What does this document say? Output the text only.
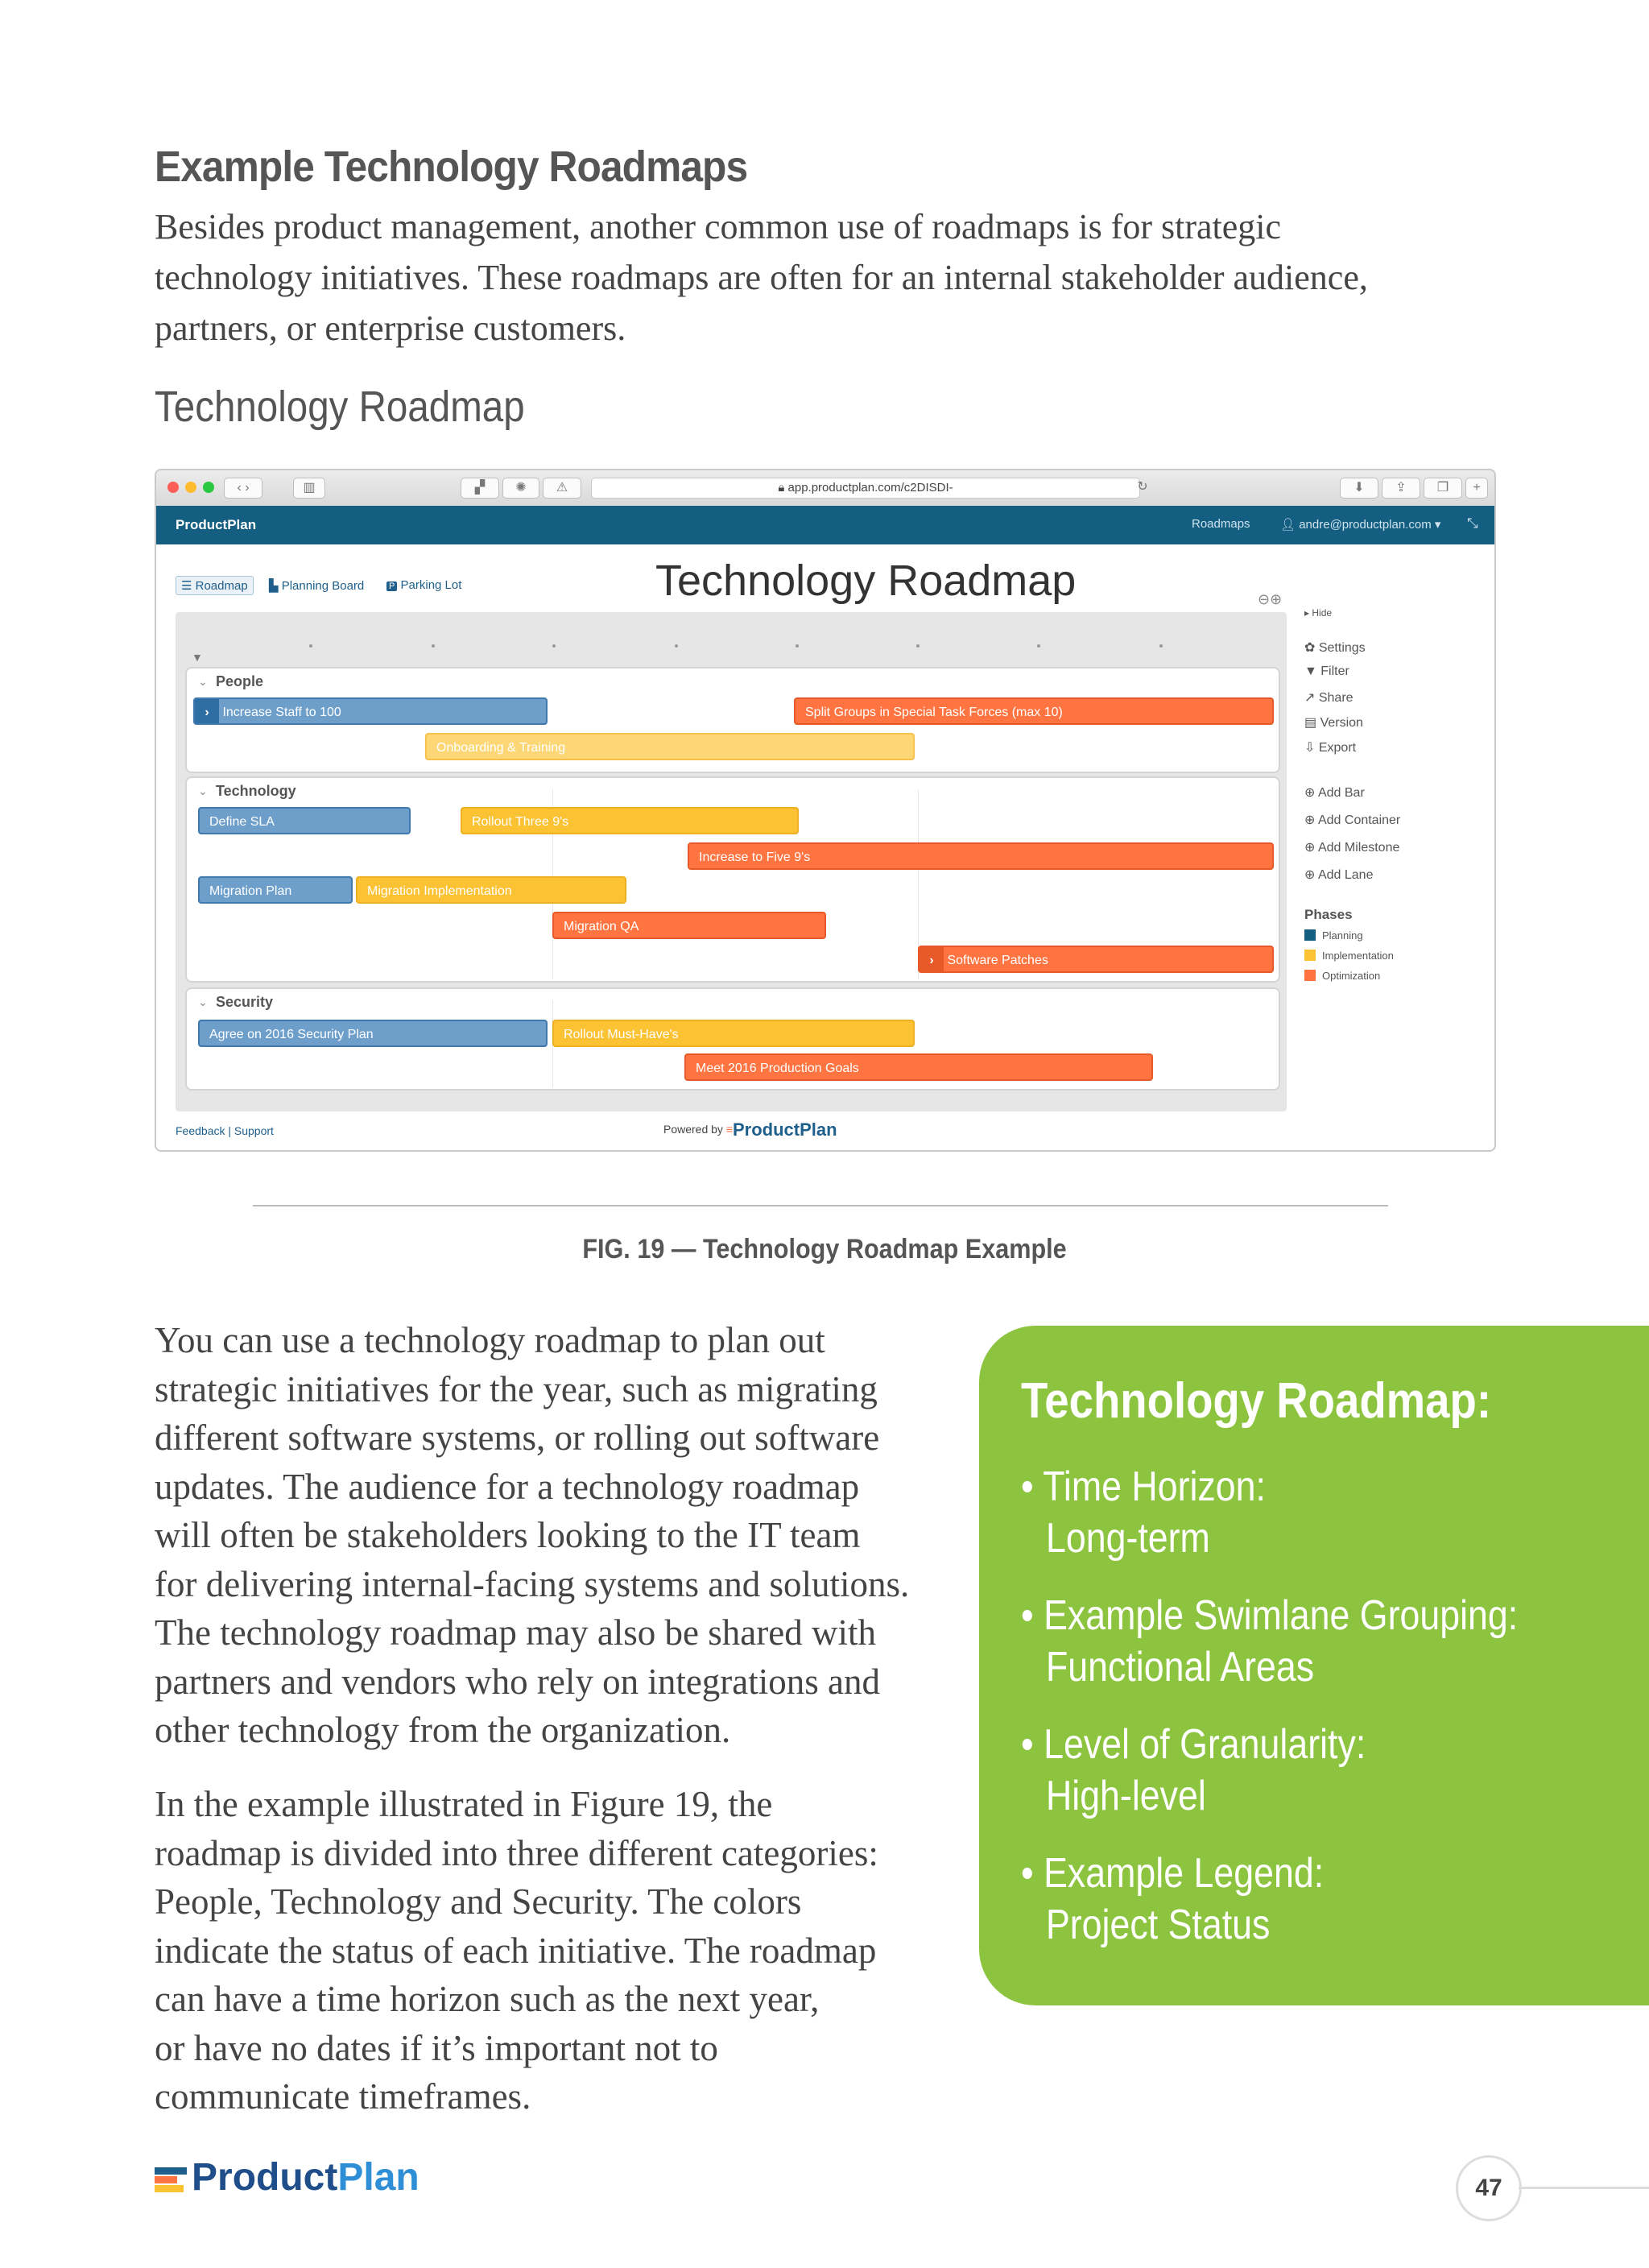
Example Technology Roadmaps
Besides product management, another common use of roadmaps is for strategic
technology initiatives. These roadmaps are often for an internal stakeholder audience,
partners, or enterprise customers.
Technology Roadmap
‹ ›	▥	▞	✺	⚠	🔒︎ app.productplan.com/c2DISDI-	↻	⬇	⇪	❐	+
ProductPlan	Roadmaps 👤︎ andre@productplan.com ▾ ⤡
☰ Roadmap	▙ Planning Board	P Parking Lot	Technology Roadmap	⊖⊕
▼
⌄ People
› Increase Staff to 100	Split Groups in Special Task Forces (max 10)
Onboarding & Training
⌄ Technology
Define SLA	Rollout Three 9's
Increase to Five 9's
Migration Plan	Migration Implementation
Migration QA
› Software Patches
⌄ Security
Agree on 2016 Security Plan	Rollout Must-Have's
Meet 2016 Production Goals
▸ Hide
✿ Settings
▼ Filter
↗ Share
▤ Version
⇩ Export
⊕ Add Bar
⊕ Add Container
⊕ Add Milestone
⊕ Add Lane
Phases
Planning
Implementation
Optimization
Feedback | Support	Powered by ≡ProductPlan
FIG. 19 — Technology Roadmap Example
You can use a technology roadmap to plan out
strategic initiatives for the year, such as migrating
different software systems, or rolling out software
updates. The audience for a technology roadmap
will often be stakeholders looking to the IT team
for delivering internal-facing systems and solutions.
The technology roadmap may also be shared with
partners and vendors who rely on integrations and
other technology from the organization.
In the example illustrated in Figure 19, the
roadmap is divided into three different categories:
People, Technology and Security. The colors
indicate the status of each initiative. The roadmap
can have a time horizon such as the next year,
or have no dates if it’s important not to
communicate timeframes.
Technology Roadmap:
• Time Horizon:
Long-term
• Example Swimlane Grouping:
Functional Areas
• Level of Granularity:
High-level
• Example Legend:
Project Status
ProductPlan	47
